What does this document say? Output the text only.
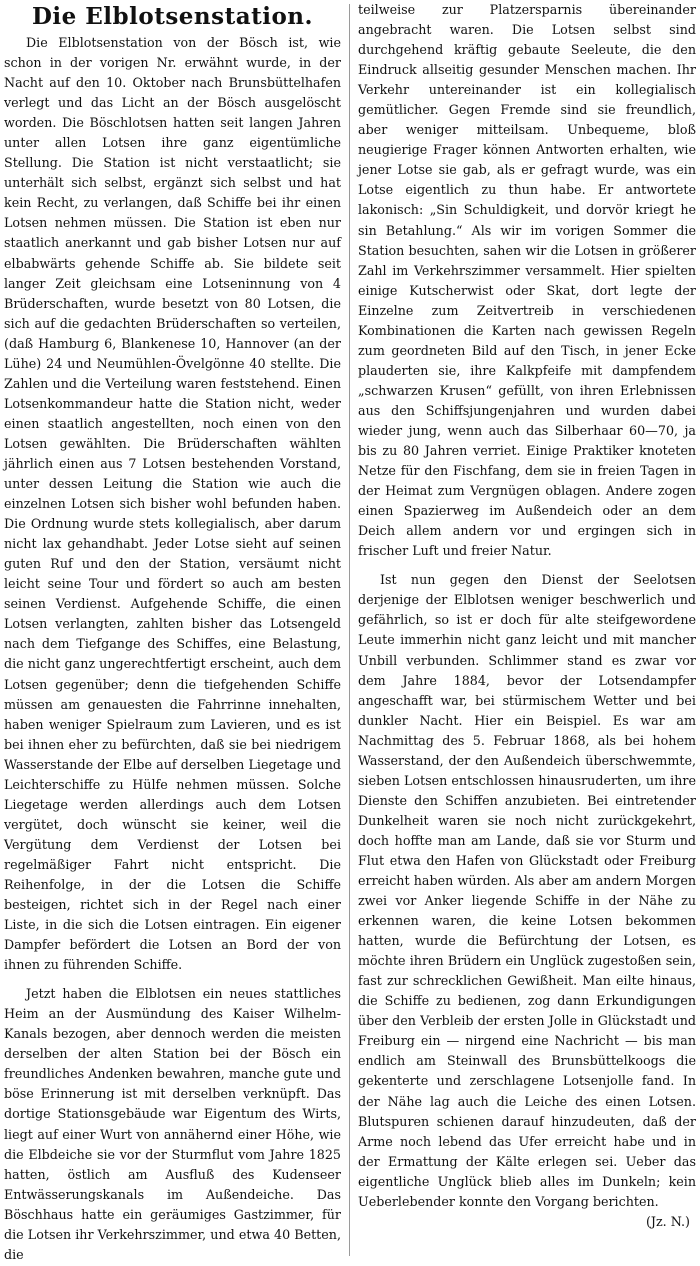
Die Elblotsenstation.

Die Elblotsenstation von der Bösch ist, wie schon in der vorigen Nr. erwähnt wurde, in der Nacht auf den 10. Oktober nach Brunsbüttelhafen verlegt und das Licht an der Bösch ausgelöscht worden. Die Böschlotsen hatten seit langen Jahren unter allen Lotsen ihre ganz eigentümliche Stellung. Die Station ist nicht verstaatlicht; sie unterhält sich selbst, ergänzt sich selbst und hat kein Recht, zu verlangen, daß Schiffe bei ihr einen Lotsen nehmen müssen. Die Station ist eben nur staatlich anerkannt und gab bisher Lotsen nur auf elbabwärts gehende Schiffe ab. Sie bildete seit langer Zeit gleichsam eine Lotseninnung von 4 Brüderschaften, wurde besetzt von 80 Lotsen, die sich auf die gedachten Brüderschaften so verteilen, (daß Hamburg 6, Blankenese 10, Hannover (an der Lühe) 24 und Neumühlen-Övelgönne 40 stellte. Die Zahlen und die Verteilung waren feststehend. Einen Lotsenkommandeur hatte die Station nicht, weder einen staatlich angestellten, noch einen von den Lotsen gewählten. Die Brüderschaften wählten jährlich einen aus 7 Lotsen bestehenden Vorstand, unter dessen Leitung die Station wie auch die einzelnen Lotsen sich bisher wohl befunden haben. Die Ordnung wurde stets kollegialisch, aber darum nicht lax gehandhabt. Jeder Lotse sieht auf seinen guten Ruf und den der Station, versäumt nicht leicht seine Tour und fördert so auch am besten seinen Verdienst. Aufgehende Schiffe, die einen Lotsen verlangten, zahlten bisher das Lotsengeld nach dem Tiefgange des Schiffes, eine Belastung, die nicht ganz ungerechtfertigt erscheint, auch dem Lotsen gegenüber; denn die tiefgehenden Schiffe müssen am genauesten die Fahrrinne innehalten, haben weniger Spielraum zum Lavieren, und es ist bei ihnen eher zu befürchten, daß sie bei niedrigem Wasserstande der Elbe auf derselben Liegetage und Leichterschiffe zu Hülfe nehmen müssen. Solche Liegetage werden allerdings auch dem Lotsen vergütet, doch wünscht sie keiner, weil die Vergütung dem Verdienst der Lotsen bei regelmäßiger Fahrt nicht entspricht. Die Reihenfolge, in der die Lotsen die Schiffe besteigen, richtet sich in der Regel nach einer Liste, in die sich die Lotsen eintragen. Ein eigener Dampfer befördert die Lotsen an Bord der von ihnen zu führenden Schiffe.

Jetzt haben die Elblotsen ein neues stattliches Heim an der Ausmündung des Kaiser Wilhelm-Kanals bezogen, aber dennoch werden die meisten derselben der alten Station bei der Bösch ein freundliches Andenken bewahren, manche gute und böse Erinnerung ist mit derselben verknüpft. Das dortige Stationsgebäude war Eigentum des Wirts, liegt auf einer Wurt von annähernd einer Höhe, wie die Elbdeiche sie vor der Sturmflut vom Jahre 1825 hatten, östlich am Ausfluß des Kudenseer Entwässerungskanals im Außendeiche. Das Böschhaus hatte ein geräumiges Gastzimmer, für die Lotsen ihr Verkehrszimmer, und etwa 40 Betten, die

teilweise zur Platzersparnis übereinander angebracht waren. Die Lotsen selbst sind durchgehend kräftig gebaute Seeleute, die den Eindruck allseitig gesunder Menschen machen. Ihr Verkehr untereinander ist ein kollegialisch gemütlicher. Gegen Fremde sind sie freundlich, aber weniger mitteilsam. Unbequeme, bloß neugierige Frager können Antworten erhalten, wie jener Lotse sie gab, als er gefragt wurde, was ein Lotse eigentlich zu thun habe. Er antwortete lakonisch: „Sin Schuldigkeit, und dorvör kriegt he sin Betahlung.“ Als wir im vorigen Sommer die Station besuchten, sahen wir die Lotsen in größerer Zahl im Verkehrszimmer versammelt. Hier spielten einige Kutscherwist oder Skat, dort legte der Einzelne zum Zeitvertreib in verschiedenen Kombinationen die Karten nach gewissen Regeln zum geordneten Bild auf den Tisch, in jener Ecke plauderten sie, ihre Kalkpfeife mit dampfendem „schwarzen Krusen“ gefüllt, von ihren Erlebnissen aus den Schiffsjungenjahren und wurden dabei wieder jung, wenn auch das Silberhaar 60—70, ja bis zu 80 Jahren verriet. Einige Praktiker knoteten Netze für den Fischfang, dem sie in freien Tagen in der Heimat zum Vergnügen oblagen. Andere zogen einen Spazierweg im Außendeich oder an dem Deich allem andern vor und ergingen sich in frischer Luft und freier Natur.

Ist nun gegen den Dienst der Seelotsen derjenige der Elblotsen weniger beschwerlich und gefährlich, so ist er doch für alte steifgewordene Leute immerhin nicht ganz leicht und mit mancher Unbill verbunden. Schlimmer stand es zwar vor dem Jahre 1884, bevor der Lotsendampfer angeschafft war, bei stürmischem Wetter und bei dunkler Nacht. Hier ein Beispiel. Es war am Nachmittag des 5. Februar 1868, als bei hohem Wasserstand, der den Außendeich überschwemmte, sieben Lotsen entschlossen hinausruderten, um ihre Dienste den Schiffen anzubieten. Bei eintretender Dunkelheit waren sie noch nicht zurückgekehrt, doch hoffte man am Lande, daß sie vor Sturm und Flut etwa den Hafen von Glückstadt oder Freiburg erreicht haben würden. Als aber am andern Morgen zwei vor Anker liegende Schiffe in der Nähe zu erkennen waren, die keine Lotsen bekommen hatten, wurde die Befürchtung der Lotsen, es möchte ihren Brüdern ein Unglück zugestoßen sein, fast zur schrecklichen Gewißheit. Man eilte hinaus, die Schiffe zu bedienen, zog dann Erkundigungen über den Verbleib der ersten Jolle in Glückstadt und Freiburg ein — nirgend eine Nachricht — bis man endlich am Steinwall des Brunsbüttelkoogs die gekenterte und zerschlagene Lotsenjolle fand. In der Nähe lag auch die Leiche des einen Lotsen. Blutspuren schienen darauf hinzudeuten, daß der Arme noch lebend das Ufer erreicht habe und in der Ermattung der Kälte erlegen sei. Ueber das eigentliche Unglück blieb alles im Dunkeln; kein Ueberlebender konnte den Vorgang berichten.

(Jz. N.)
